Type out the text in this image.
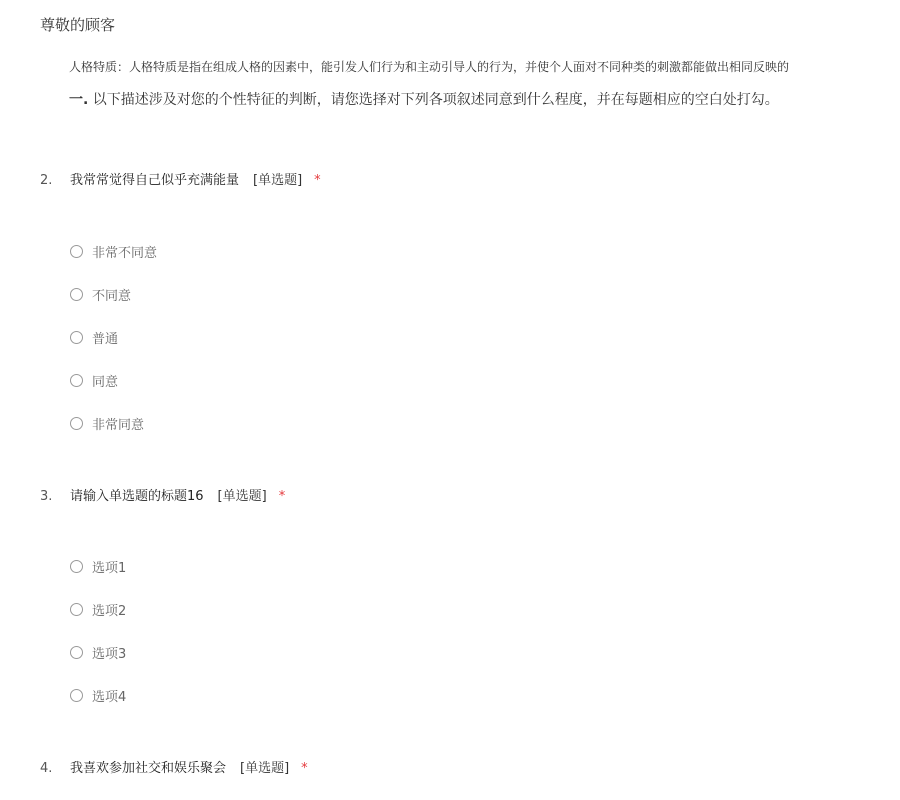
尊敬的顾客
人格特质：人格特质是指在组成人格的因素中，能引发人们行为和主动引导人的行为，并使个人面对不同种类的刺激都能做出相同反映的
一. 以下描述涉及对您的个性特征的判断，请您选择对下列各项叙述同意到什么程度，并在每题相应的空白处打勾。
2. 我常常觉得自己似乎充满能量 [单选题] *
非常不同意
不同意
普通
同意
非常同意
3. 请输入单选题的标题16 [单选题] *
选项1
选项2
选项3
选项4
4. 我喜欢参加社交和娱乐聚会 [单选题] *
